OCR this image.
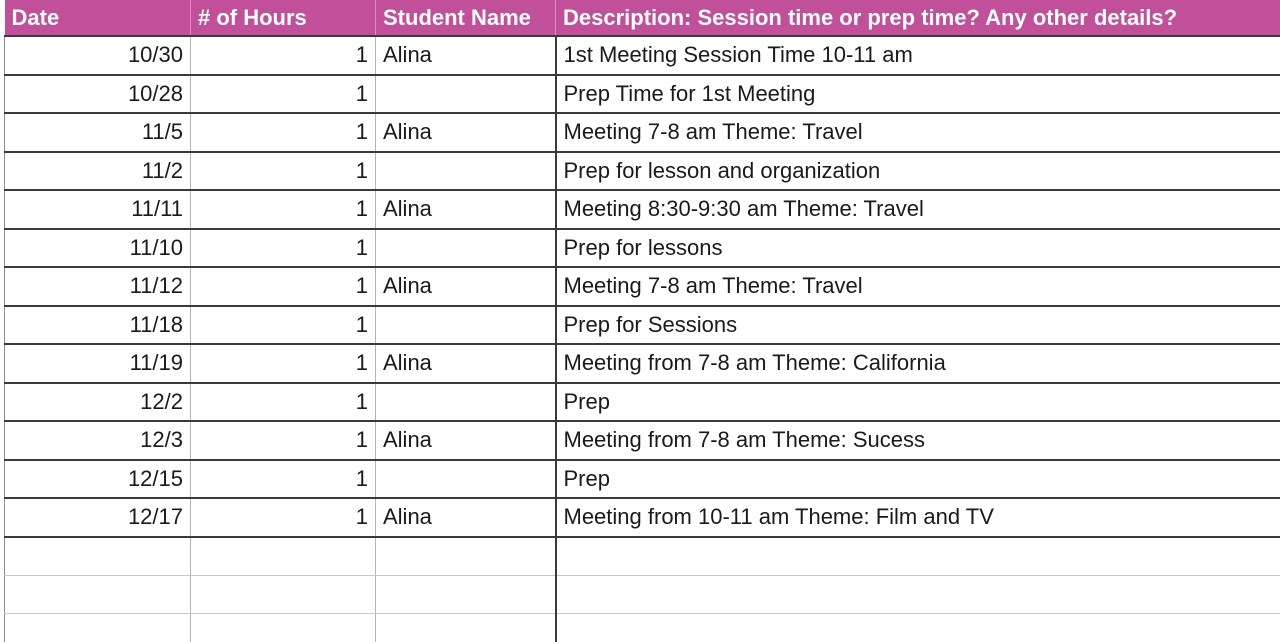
Date	# of Hours	Student Name	Description: Session time or prep time? Any other details?
10/30	1	Alina	1st Meeting Session Time 10-11 am
10/28	1		Prep Time for 1st Meeting
11/5	1	Alina	Meeting 7-8 am Theme: Travel
11/2	1		Prep for lesson and organization
11/11	1	Alina	Meeting 8:30-9:30 am Theme: Travel
11/10	1		Prep for lessons
11/12	1	Alina	Meeting 7-8 am Theme: Travel
11/18	1		Prep for Sessions
11/19	1	Alina	Meeting from 7-8 am Theme: California
12/2	1		Prep
12/3	1	Alina	Meeting from 7-8 am Theme: Sucess
12/15	1		Prep
12/17	1	Alina	Meeting from 10-11 am Theme: Film and TV
